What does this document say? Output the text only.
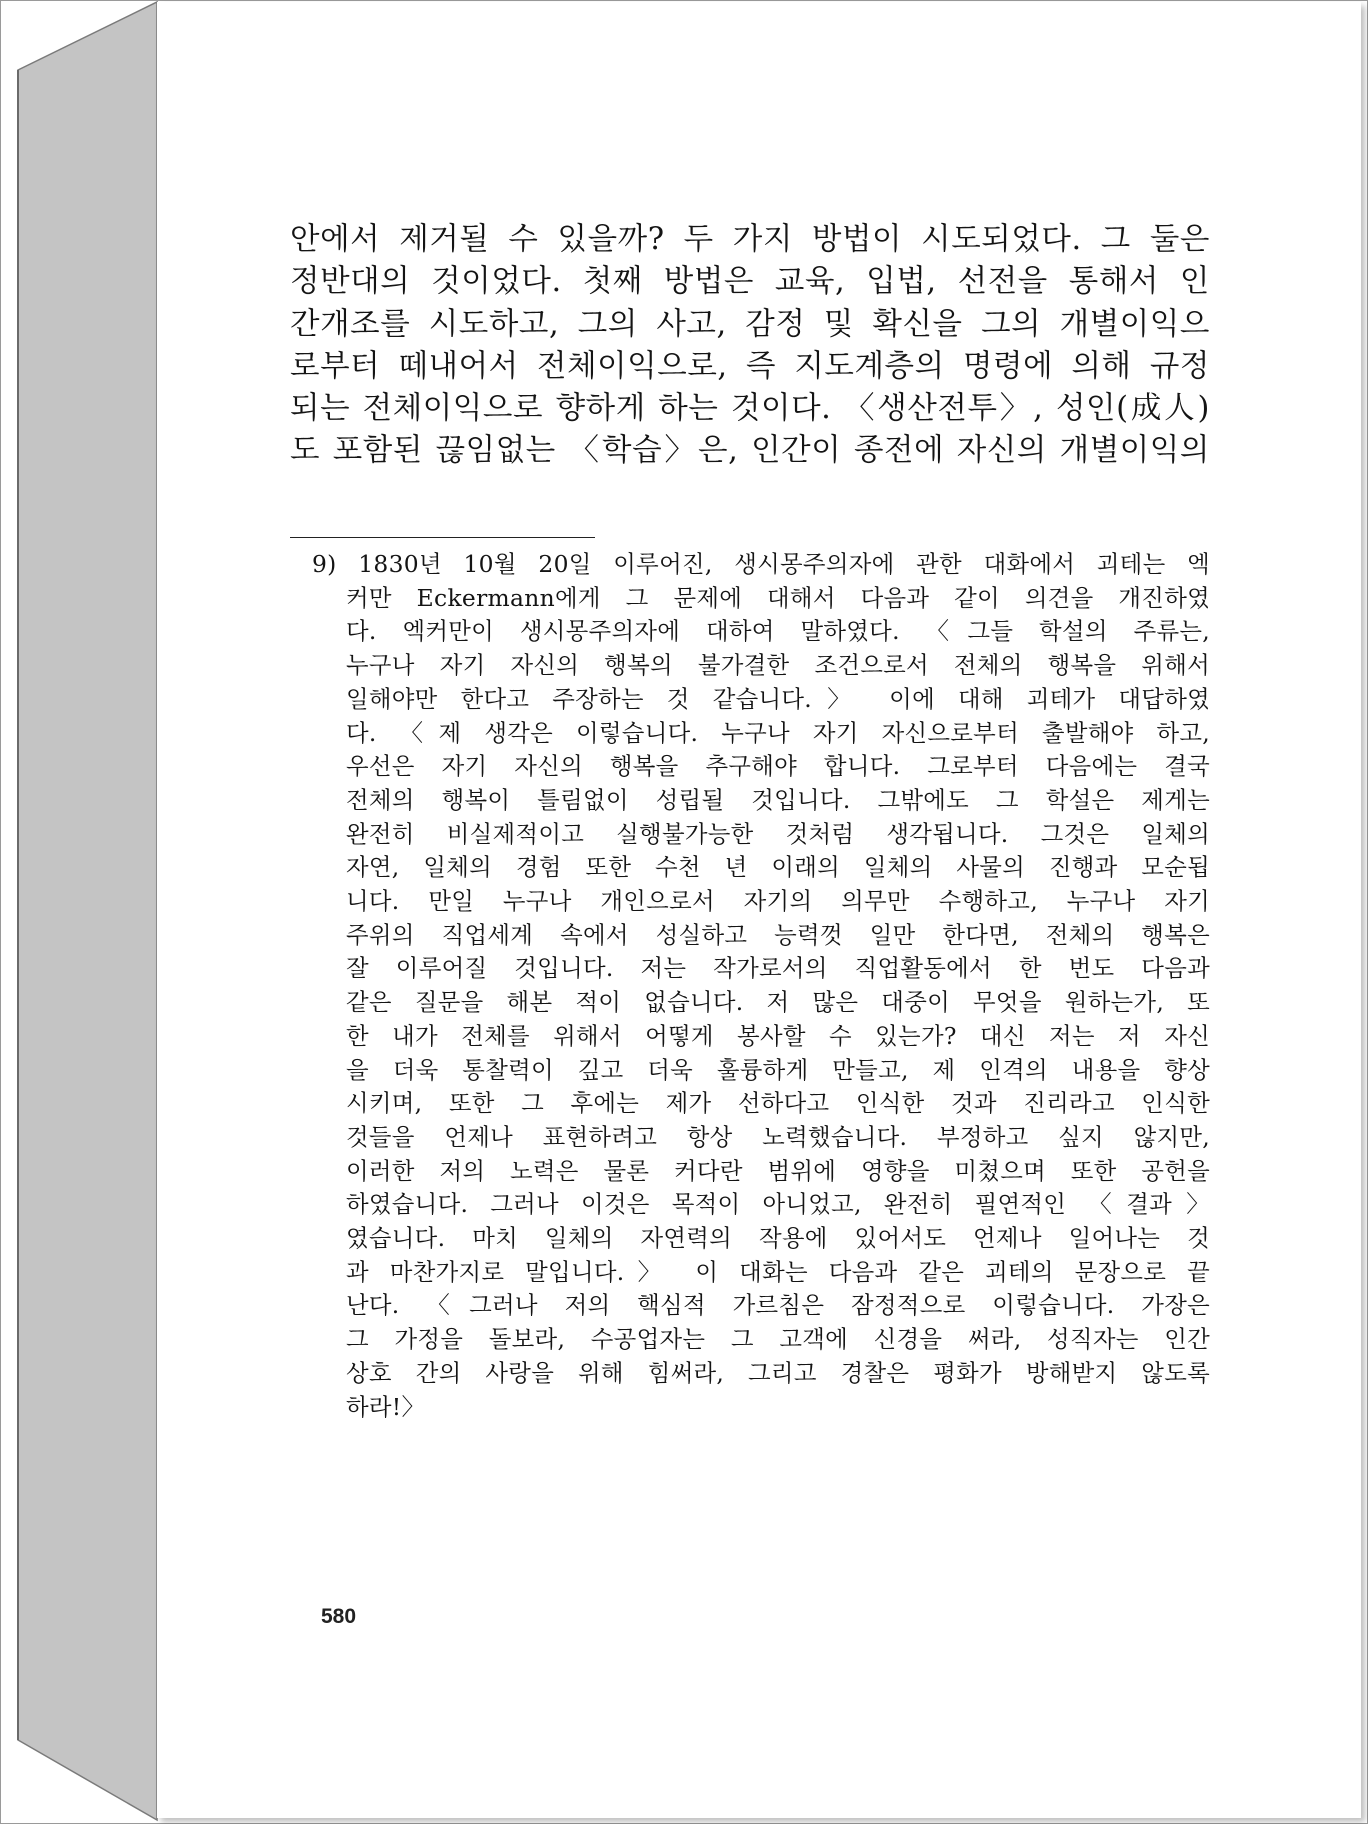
안에서 제거될 수 있을까? 두 가지 방법이 시도되었다. 그 둘은
정반대의 것이었다. 첫째 방법은 교육, 입법, 선전을 통해서 인
간개조를 시도하고, 그의 사고, 감정 및 확신을 그의 개별이익으
로부터 떼내어서 전체이익으로, 즉 지도계층의 명령에 의해 규정
되는 전체이익으로 향하게 하는 것이다. 〈생산전투〉, 성인(成人)
도 포함된 끊임없는 〈학습〉은, 인간이 종전에 자신의 개별이익의

9) 1830년 10월 20일 이루어진, 생시몽주의자에 관한 대화에서 괴테는 엑
커만 Eckermann에게 그 문제에 대해서 다음과 같이 의견을 개진하였
다. 엑커만이 생시몽주의자에 대하여 말하였다. 〈그들 학설의 주류는,
누구나 자기 자신의 행복의 불가결한 조건으로서 전체의 행복을 위해서
일해야만 한다고 주장하는 것 같습니다.〉 이에 대해 괴테가 대답하였
다. 〈제 생각은 이렇습니다. 누구나 자기 자신으로부터 출발해야 하고,
우선은 자기 자신의 행복을 추구해야 합니다. 그로부터 다음에는 결국
전체의 행복이 틀림없이 성립될 것입니다. 그밖에도 그 학설은 제게는
완전히 비실제적이고 실행불가능한 것처럼 생각됩니다. 그것은 일체의
자연, 일체의 경험 또한 수천 년 이래의 일체의 사물의 진행과 모순됩
니다. 만일 누구나 개인으로서 자기의 의무만 수행하고, 누구나 자기
주위의 직업세계 속에서 성실하고 능력껏 일만 한다면, 전체의 행복은
잘 이루어질 것입니다. 저는 작가로서의 직업활동에서 한 번도 다음과
같은 질문을 해본 적이 없습니다. 저 많은 대중이 무엇을 원하는가, 또
한 내가 전체를 위해서 어떻게 봉사할 수 있는가? 대신 저는 저 자신
을 더욱 통찰력이 깊고 더욱 훌륭하게 만들고, 제 인격의 내용을 향상
시키며, 또한 그 후에는 제가 선하다고 인식한 것과 진리라고 인식한
것들을 언제나 표현하려고 항상 노력했습니다. 부정하고 싶지 않지만,
이러한 저의 노력은 물론 커다란 범위에 영향을 미쳤으며 또한 공헌을
하였습니다. 그러나 이것은 목적이 아니었고, 완전히 필연적인 〈결과〉
였습니다. 마치 일체의 자연력의 작용에 있어서도 언제나 일어나는 것
과 마찬가지로 말입니다.〉 이 대화는 다음과 같은 괴테의 문장으로 끝
난다. 〈그러나 저의 핵심적 가르침은 잠정적으로 이렇습니다. 가장은
그 가정을 돌보라, 수공업자는 그 고객에 신경을 써라, 성직자는 인간
상호 간의 사랑을 위해 힘써라, 그리고 경찰은 평화가 방해받지 않도록
하라!〉
580
